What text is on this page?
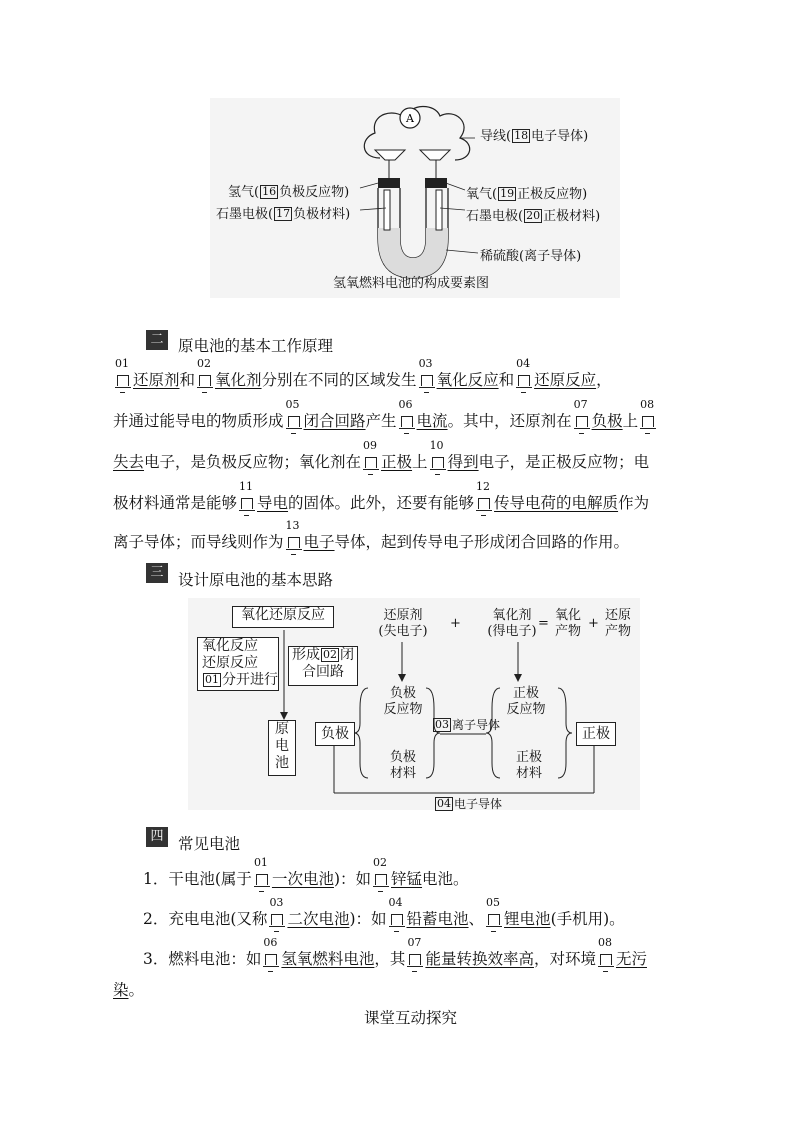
A
导线( 18 电子导体)
氢气( 16 负极反应物)
石墨电极( 17 负极材料)
氧气( 19 正极反应物)
石墨电极( 20 正极材料)
稀硫酸(离子导体)
氢氧燃料电池的构成要素图
二 原电池的基本工作原理
01
还原剂和
02
氧化剂分别在不同的区域发生
03
氧化反应和
04
还原反应，
并通过能导电的物质形成
05
闭合回路产生
06
电流。其中，还原剂在
07
负极上
08
失去电子，是负极反应物；氧化剂在
09
正极上
10
得到电子，是正极反应物；电
极材料通常是能够
11
导电的固体。此外，还要有能够
12
传导电荷的电解质作为
离子导体；而导线则作为
13
电子导体，起到传导电子形成闭合回路的作用。
三 设计原电池的基本思路
氧化还原反应
氧化反应
还原反应
01 分开进行
形成 02 闭
合回路
原
电
池
还原剂
(失电子)
+
氧化剂
(得电子)
=
氧化
产物
+
还原
产物
负极
反应物
正极
反应物
负极
材料
正极
材料
负极	正极
03 离子导体
04 电子导体
四 常见电池
1．干电池(属于
01
一次电池)：如
02
锌锰电池。
2．充电电池(又称
03
二次电池)：如
04
铅蓄电池、
05
锂电池(手机用)。
3．燃料电池：如
06
氢氧燃料电池，其
07
能量转换效率高，对环境
08
无污
染。
课堂互动探究
